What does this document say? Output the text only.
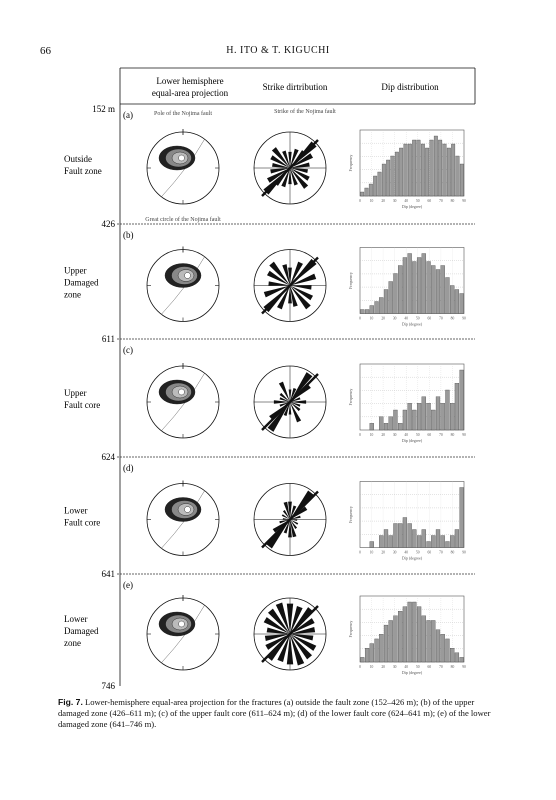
66	H. ITO & T. KIGUCHI
Lower hemisphere
equal-area projection
Strike dirtribution	Dip distribution
152 m
426
611
624
641
746
(a)
Outside
Fault zone	Frequency
Dip (degree)
0 10 20 30 40 50 60 70 80 90
Pole of the Nojima fault	Strike of the Nojima fault
Great circle of the Nojima fault
(b)
Upper
Damaged
zone
Frequency
Dip (degree)
0 10 20 30 40 50 60 70 80 90
(c)
Upper
Fault core	Frequency
Dip (degree)
0 10 20 30 40 50 60 70 80 90
(d)
Lower
Fault core	Frequency
Dip (degree)
0 10 20 30 40 50 60 70 80 90
(e)
Lower
Damaged
zone
Frequency
Dip (degree)
0 10 20 30 40 50 60 70 80 90
Fig. 7. Lower-hemisphere equal-area projection for the fractures (a) outside the fault zone (152–426 m); (b) of the upper damaged zone (426–611 m); (c) of the upper fault core (611–624 m); (d) of the lower fault core (624–641 m); (e) of the lower damaged zone (641–746 m).
